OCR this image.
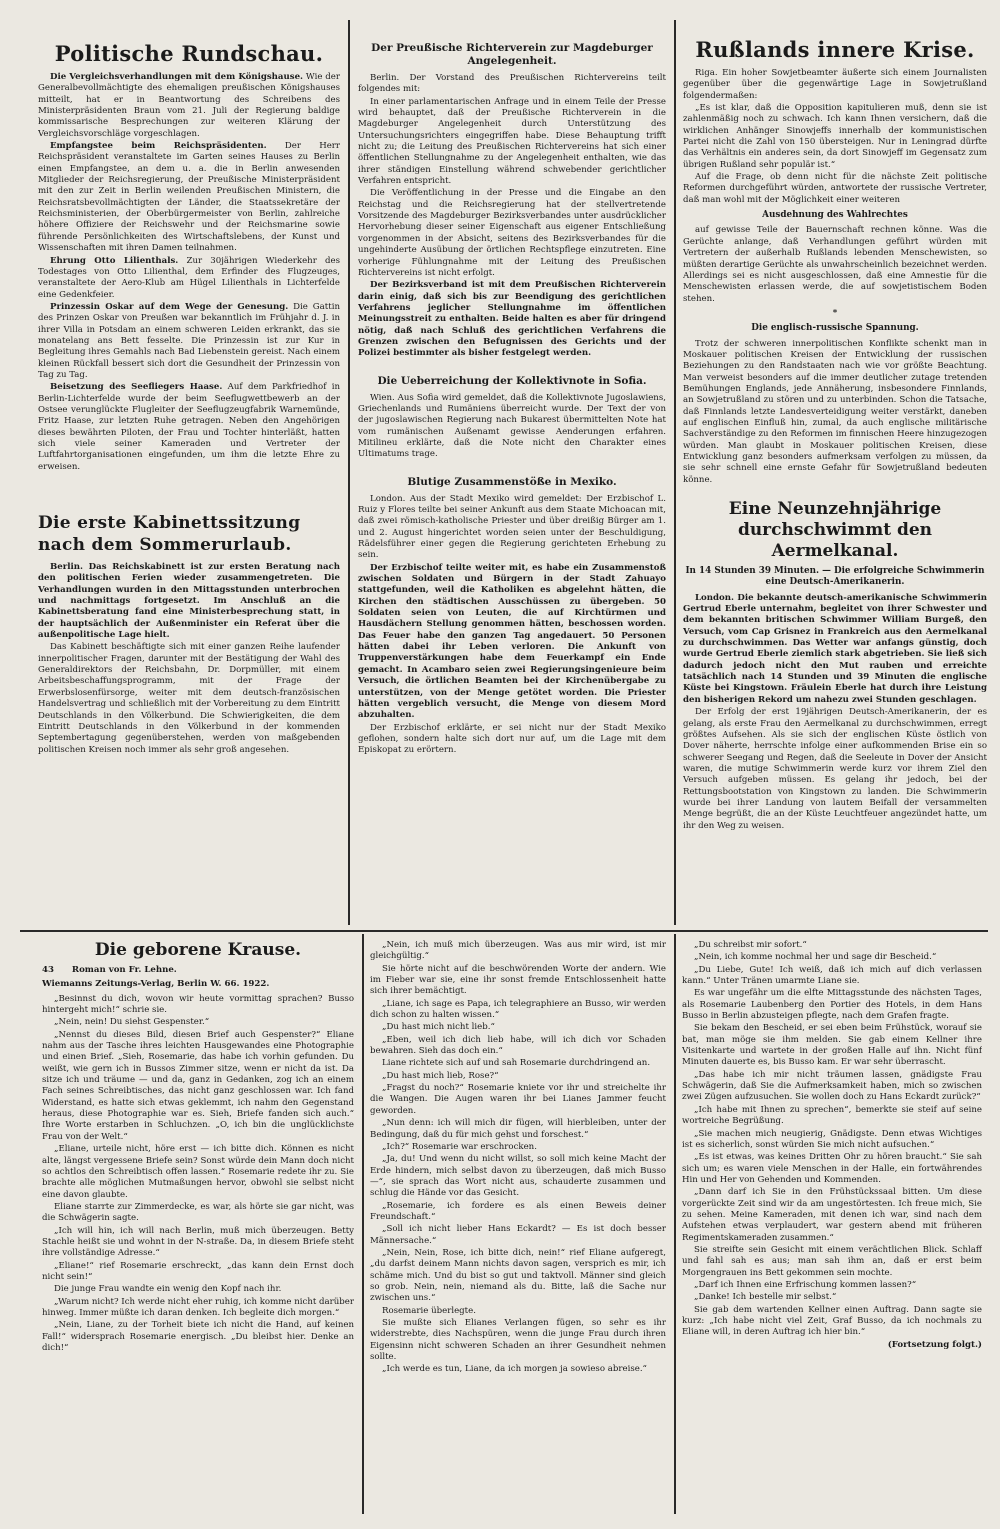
Politische Rundschau.

Die Vergleichsverhandlungen mit dem Königshause. Wie der Generalbevollmächtigte des ehemaligen preußischen Königshauses mitteilt, hat er in Beantwortung des Schreibens des Ministerpräsidenten Braun vom 21. Juli der Regierung baldige kommissarische Besprechungen zur weiteren Klärung der Vergleichsvorschläge vorgeschlagen.

Empfangstee beim Reichspräsidenten. Der Herr Reichspräsident veranstaltete im Garten seines Hauses zu Berlin einen Empfangstee, an dem u. a. die in Berlin anwesenden Mitglieder der Reichsregierung, der Preußische Ministerpräsident mit den zur Zeit in Berlin weilenden Preußischen Ministern, die Reichsratsbevollmächtigten der Länder, die Staatssekretäre der Reichsministerien, der Oberbürgermeister von Berlin, zahlreiche höhere Offiziere der Reichswehr und der Reichsmarine sowie führende Persönlichkeiten des Wirtschaftslebens, der Kunst und Wissenschaften mit ihren Damen teilnahmen.

Ehrung Otto Lilienthals. Zur 30jährigen Wiederkehr des Todestages von Otto Lilienthal, dem Erfinder des Flugzeuges, veranstaltete der Aero-Klub am Hügel Lilienthals in Lichterfelde eine Gedenkfeier.

Prinzessin Oskar auf dem Wege der Genesung. Die Gattin des Prinzen Oskar von Preußen war bekanntlich im Frühjahr d. J. in ihrer Villa in Potsdam an einem schweren Leiden erkrankt, das sie monatelang ans Bett fesselte. Die Prinzessin ist zur Kur in Begleitung ihres Gemahls nach Bad Liebenstein gereist. Nach einem kleinen Rückfall bessert sich dort die Gesundheit der Prinzessin von Tag zu Tag.

Beisetzung des Seefliegers Haase. Auf dem Parkfriedhof in Berlin-Lichterfelde wurde der beim Seeflugwettbewerb an der Ostsee verunglückte Flugleiter der Seeflugzeugfabrik Warnemünde, Fritz Haase, zur letzten Ruhe getragen. Neben den Angehörigen dieses bewährten Piloten, der Frau und Tochter hinterläßt, hatten sich viele seiner Kameraden und Vertreter der Luftfahrtorganisationen eingefunden, um ihm die letzte Ehre zu erweisen.

Die erste Kabinettssitzung nach dem Sommerurlaub.

Berlin. Das Reichskabinett ist zur ersten Beratung nach den politischen Ferien wieder zusammengetreten. Die Verhandlungen wurden in den Mittagsstunden unterbrochen und nachmittags fortgesetzt. Im Anschluß an die Kabinettsberatung fand eine Ministerbesprechung statt, in der hauptsächlich der Außenminister ein Referat über die außenpolitische Lage hielt.

Das Kabinett beschäftigte sich mit einer ganzen Reihe laufender innerpolitischer Fragen, darunter mit der Bestätigung der Wahl des Generaldirektors der Reichsbahn, Dr. Dorpmüller, mit einem Arbeitsbeschaffungsprogramm, mit der Frage der Erwerbslosenfürsorge, weiter mit dem deutsch-französischen Handelsvertrag und schließlich mit der Vorbereitung zu dem Eintritt Deutschlands in den Völkerbund. Die Schwierigkeiten, die dem Eintritt Deutschlands in den Völkerbund in der kommenden Septembertagung gegenüberstehen, werden von maßgebenden politischen Kreisen noch immer als sehr groß angesehen.

Der Preußische Richterverein zur Magdeburger Angelegenheit.

Berlin. Der Vorstand des Preußischen Richtervereins teilt folgendes mit:

In einer parlamentarischen Anfrage und in einem Teile der Presse wird behauptet, daß der Preußische Richterverein in die Magdeburger Angelegenheit durch Unterstützung des Untersuchungsrichters eingegriffen habe. Diese Behauptung trifft nicht zu; die Leitung des Preußischen Richtervereins hat sich einer öffentlichen Stellungnahme zu der Angelegenheit enthalten, wie das ihrer ständigen Einstellung während schwebender gerichtlicher Verfahren entspricht.

Die Veröffentlichung in der Presse und die Eingabe an den Reichstag und die Reichsregierung hat der stellvertretende Vorsitzende des Magdeburger Bezirksverbandes unter ausdrücklicher Hervorhebung dieser seiner Eigenschaft aus eigener Entschließung vorgenommen in der Absicht, seitens des Bezirksverbandes für die ungehinderte Ausübung der örtlichen Rechtspflege einzutreten. Eine vorherige Fühlungnahme mit der Leitung des Preußischen Richtervereins ist nicht erfolgt.

Der Bezirksverband ist mit dem Preußischen Richterverein darin einig, daß sich bis zur Beendigung des gerichtlichen Verfahrens jeglicher Stellungnahme im öffentlichen Meinungsstreit zu enthalten. Beide halten es aber für dringend nötig, daß nach Schluß des gerichtlichen Verfahrens die Grenzen zwischen den Befugnissen des Gerichts und der Polizei bestimmter als bisher festgelegt werden.

Die Ueberreichung der Kollektivnote in Sofia.

Wien. Aus Sofia wird gemeldet, daß die Kollektivnote Jugoslawiens, Griechenlands und Rumäniens überreicht wurde. Der Text der von der jugoslawischen Regierung nach Bukarest übermittelten Note hat vom rumänischen Außenamt gewisse Aenderungen erfahren. Mitilineu erklärte, daß die Note nicht den Charakter eines Ultimatums trage.

Blutige Zusammenstöße in Mexiko.

London. Aus der Stadt Mexiko wird gemeldet: Der Erzbischof L. Ruiz y Flores teilte bei seiner Ankunft aus dem Staate Michoacan mit, daß zwei römisch-katholische Priester und über dreißig Bürger am 1. und 2. August hingerichtet worden seien unter der Beschuldigung, Rädelsführer einer gegen die Regierung gerichteten Erhebung zu sein.

Der Erzbischof teilte weiter mit, es habe ein Zusammenstoß zwischen Soldaten und Bürgern in der Stadt Zahuayo stattgefunden, weil die Katholiken es abgelehnt hätten, die Kirchen den städtischen Ausschüssen zu übergeben. 50 Soldaten seien von Leuten, die auf Kirchtürmen und Hausdächern Stellung genommen hätten, beschossen worden. Das Feuer habe den ganzen Tag angedauert. 50 Personen hätten dabei ihr Leben verloren. Die Ankunft von Truppenverstärkungen habe dem Feuerkampf ein Ende gemacht. In Acambaro seien zwei Regierungsingenieure beim Versuch, die örtlichen Beamten bei der Kirchenübergabe zu unterstützen, von der Menge getötet worden. Die Priester hätten vergeblich versucht, die Menge von diesem Mord abzuhalten.

Der Erzbischof erklärte, er sei nicht nur der Stadt Mexiko geflohen, sondern halte sich dort nur auf, um die Lage mit dem Episkopat zu erörtern.

Rußlands innere Krise.

Riga. Ein hoher Sowjetbeamter äußerte sich einem Journalisten gegenüber über die gegenwärtige Lage in Sowjetrußland folgendermaßen:

„Es ist klar, daß die Opposition kapitulieren muß, denn sie ist zahlenmäßig noch zu schwach. Ich kann Ihnen versichern, daß die wirklichen Anhänger Sinowjeffs innerhalb der kommunistischen Partei nicht die Zahl von 150 übersteigen. Nur in Leningrad dürfte das Verhältnis ein anderes sein, da dort Sinowjeff im Gegensatz zum übrigen Rußland sehr populär ist.“

Auf die Frage, ob denn nicht für die nächste Zeit politische Reformen durchgeführt würden, antwortete der russische Vertreter, daß man wohl mit der Möglichkeit einer weiteren

Ausdehnung des Wahlrechtes

auf gewisse Teile der Bauernschaft rechnen könne. Was die Gerüchte anlange, daß Verhandlungen geführt würden mit Vertretern der außerhalb Rußlands lebenden Menschewisten, so müßten derartige Gerüchte als unwahrscheinlich bezeichnet werden. Allerdings sei es nicht ausgeschlossen, daß eine Amnestie für die Menschewisten erlassen werde, die auf sowjetistischem Boden stehen.

*
Die englisch-russische Spannung.

Trotz der schweren innerpolitischen Konflikte schenkt man in Moskauer politischen Kreisen der Entwicklung der russischen Beziehungen zu den Randstaaten nach wie vor größte Beachtung. Man verweist besonders auf die immer deutlicher zutage tretenden Bemühungen Englands, jede Annäherung, insbesondere Finnlands, an Sowjetrußland zu stören und zu unterbinden. Schon die Tatsache, daß Finnlands letzte Landesverteidigung weiter verstärkt, daneben auf englischen Einfluß hin, zumal, da auch englische militärische Sachverständige zu den Reformen im finnischen Heere hinzugezogen würden. Man glaubt in Moskauer politischen Kreisen, diese Entwicklung ganz besonders aufmerksam verfolgen zu müssen, da sie sehr schnell eine ernste Gefahr für Sowjetrußland bedeuten könne.

Eine Neunzehnjährige durchschwimmt den Aermelkanal.
In 14 Stunden 39 Minuten. — Die erfolgreiche Schwimmerin eine Deutsch-Amerikanerin.

London. Die bekannte deutsch-amerikanische Schwimmerin Gertrud Eberle unternahm, begleitet von ihrer Schwester und dem bekannten britischen Schwimmer William Burgeß, den Versuch, vom Cap Grisnez in Frankreich aus den Aermelkanal zu durchschwimmen. Das Wetter war anfangs günstig, doch wurde Gertrud Eberle ziemlich stark abgetrieben. Sie ließ sich dadurch jedoch nicht den Mut rauben und erreichte tatsächlich nach 14 Stunden und 39 Minuten die englische Küste bei Kingstown. Fräulein Eberle hat durch ihre Leistung den bisherigen Rekord um nahezu zwei Stunden geschlagen.

Der Erfolg der erst 19jährigen Deutsch-Amerikanerin, der es gelang, als erste Frau den Aermelkanal zu durchschwimmen, erregt größtes Aufsehen. Als sie sich der englischen Küste östlich von Dover näherte, herrschte infolge einer aufkommenden Brise ein so schwerer Seegang und Regen, daß die Seeleute in Dover der Ansicht waren, die mutige Schwimmerin werde kurz vor ihrem Ziel den Versuch aufgeben müssen. Es gelang ihr jedoch, bei der Rettungsbootstation von Kingstown zu landen. Die Schwimmerin wurde bei ihrer Landung von lautem Beifall der versammelten Menge begrüßt, die an der Küste Leuchtfeuer angezündet hatte, um ihr den Weg zu weisen.

Die geborene Krause.
43 Roman von Fr. Lehne.
Wiemanns Zeitungs-Verlag, Berlin W. 66. 1922.

„Besinnst du dich, wovon wir heute vormittag sprachen? Busso hintergeht mich!“ schrie sie.

„Nein, nein! Du siehst Gespenster.“

„Nennst du dieses Bild, diesen Brief auch Gespenster?“ Eliane nahm aus der Tasche ihres leichten Hausgewandes eine Photographie und einen Brief. „Sieh, Rosemarie, das habe ich vorhin gefunden. Du weißt, wie gern ich in Bussos Zimmer sitze, wenn er nicht da ist. Da sitze ich und träume — und da, ganz in Gedanken, zog ich an einem Fach seines Schreibtisches, das nicht ganz geschlossen war. Ich fand Widerstand, es hatte sich etwas geklemmt, ich nahm den Gegenstand heraus, diese Photographie war es. Sieh, Briefe fanden sich auch.“ Ihre Worte erstarben in Schluchzen. „O, ich bin die unglücklichste Frau von der Welt.“

„Eliane, urteile nicht, höre erst — ich bitte dich. Können es nicht alte, längst vergessene Briefe sein? Sonst würde dein Mann doch nicht so achtlos den Schreibtisch offen lassen.“ Rosemarie redete ihr zu. Sie brachte alle möglichen Mutmaßungen hervor, obwohl sie selbst nicht eine davon glaubte.

Eliane starrte zur Zimmerdecke, es war, als hörte sie gar nicht, was die Schwägerin sagte.

„Ich will hin, ich will nach Berlin, muß mich überzeugen. Betty Stachle heißt sie und wohnt in der N-straße. Da, in diesem Briefe steht ihre vollständige Adresse.“

„Eliane!“ rief Rosemarie erschreckt, „das kann dein Ernst doch nicht sein!“

Die junge Frau wandte ein wenig den Kopf nach ihr.

„Warum nicht? Ich werde nicht eher ruhig, ich komme nicht darüber hinweg. Immer müßte ich daran denken. Ich begleite dich morgen.“

„Nein, Liane, zu der Torheit biete ich nicht die Hand, auf keinen Fall!“ widersprach Rosemarie energisch. „Du bleibst hier. Denke an dich!“

„Nein, ich muß mich überzeugen. Was aus mir wird, ist mir gleichgültig.“

Sie hörte nicht auf die beschwörenden Worte der andern. Wie im Fieber war sie, eine ihr sonst fremde Entschlossenheit hatte sich ihrer bemächtigt.

„Liane, ich sage es Papa, ich telegraphiere an Busso, wir werden dich schon zu halten wissen.“

„Du hast mich nicht lieb.“

„Eben, weil ich dich lieb habe, will ich dich vor Schaden bewahren. Sieh das doch ein.“

Liane richtete sich auf und sah Rosemarie durchdringend an.

„Du hast mich lieb, Rose?“

„Fragst du noch?“ Rosemarie kniete vor ihr und streichelte ihr die Wangen. Die Augen waren ihr bei Lianes Jammer feucht geworden.

„Nun denn: ich will mich dir fügen, will hierbleiben, unter der Bedingung, daß du für mich gehst und forschest.“

„Ich?“ Rosemarie war erschrocken.

„Ja, du! Und wenn du nicht willst, so soll mich keine Macht der Erde hindern, mich selbst davon zu überzeugen, daß mich Busso —“, sie sprach das Wort nicht aus, schauderte zusammen und schlug die Hände vor das Gesicht.

„Rosemarie, ich fordere es als einen Beweis deiner Freundschaft.“

„Soll ich nicht lieber Hans Eckardt? — Es ist doch besser Männersache.“

„Nein, Nein, Rose, ich bitte dich, nein!“ rief Eliane aufgeregt, „du darfst deinem Mann nichts davon sagen, versprich es mir, ich schäme mich. Und du bist so gut und taktvoll. Männer sind gleich so grob. Nein, nein, niemand als du. Bitte, laß die Sache nur zwischen uns.“

Rosemarie überlegte.

Sie mußte sich Elianes Verlangen fügen, so sehr es ihr widerstrebte, dies Nachspüren, wenn die junge Frau durch ihren Eigensinn nicht schweren Schaden an ihrer Gesundheit nehmen sollte.

„Ich werde es tun, Liane, da ich morgen ja sowieso abreise.“

„Du schreibst mir sofort.“

„Nein, ich komme nochmal her und sage dir Bescheid.“

„Du Liebe, Gute! Ich weiß, daß ich mich auf dich verlassen kann.“ Unter Tränen umarmte Liane sie.

Es war ungefähr um die elfte Mittagsstunde des nächsten Tages, als Rosemarie Laubenberg den Portier des Hotels, in dem Hans Busso in Berlin abzusteigen pflegte, nach dem Grafen fragte.

Sie bekam den Bescheid, er sei eben beim Frühstück, worauf sie bat, man möge sie ihm melden. Sie gab einem Kellner ihre Visitenkarte und wartete in der großen Halle auf ihn. Nicht fünf Minuten dauerte es, bis Busso kam. Er war sehr überrascht.

„Das habe ich mir nicht träumen lassen, gnädigste Frau Schwägerin, daß Sie die Aufmerksamkeit haben, mich so zwischen zwei Zügen aufzusuchen. Sie wollen doch zu Hans Eckardt zurück?“

„Ich habe mit Ihnen zu sprechen“, bemerkte sie steif auf seine wortreiche Begrüßung.

„Sie machen mich neugierig, Gnädigste. Denn etwas Wichtiges ist es sicherlich, sonst würden Sie mich nicht aufsuchen.“

„Es ist etwas, was keines Dritten Ohr zu hören braucht.“ Sie sah sich um; es waren viele Menschen in der Halle, ein fortwährendes Hin und Her von Gehenden und Kommenden.

„Dann darf ich Sie in den Frühstückssaal bitten. Um diese vorgerückte Zeit sind wir da am ungestörtesten. Ich freue mich, Sie zu sehen. Meine Kameraden, mit denen ich war, sind nach dem Aufstehen etwas verplaudert, war gestern abend mit früheren Regimentskameraden zusammen.“

Sie streifte sein Gesicht mit einem verächtlichen Blick. Schlaff und fahl sah es aus; man sah ihm an, daß er erst beim Morgengrauen ins Bett gekommen sein mochte.

„Darf ich Ihnen eine Erfrischung kommen lassen?“

„Danke! Ich bestelle mir selbst.“

Sie gab dem wartenden Kellner einen Auftrag. Dann sagte sie kurz: „Ich habe nicht viel Zeit, Graf Busso, da ich nochmals zu Eliane will, in deren Auftrag ich hier bin.“

(Fortsetzung folgt.)
